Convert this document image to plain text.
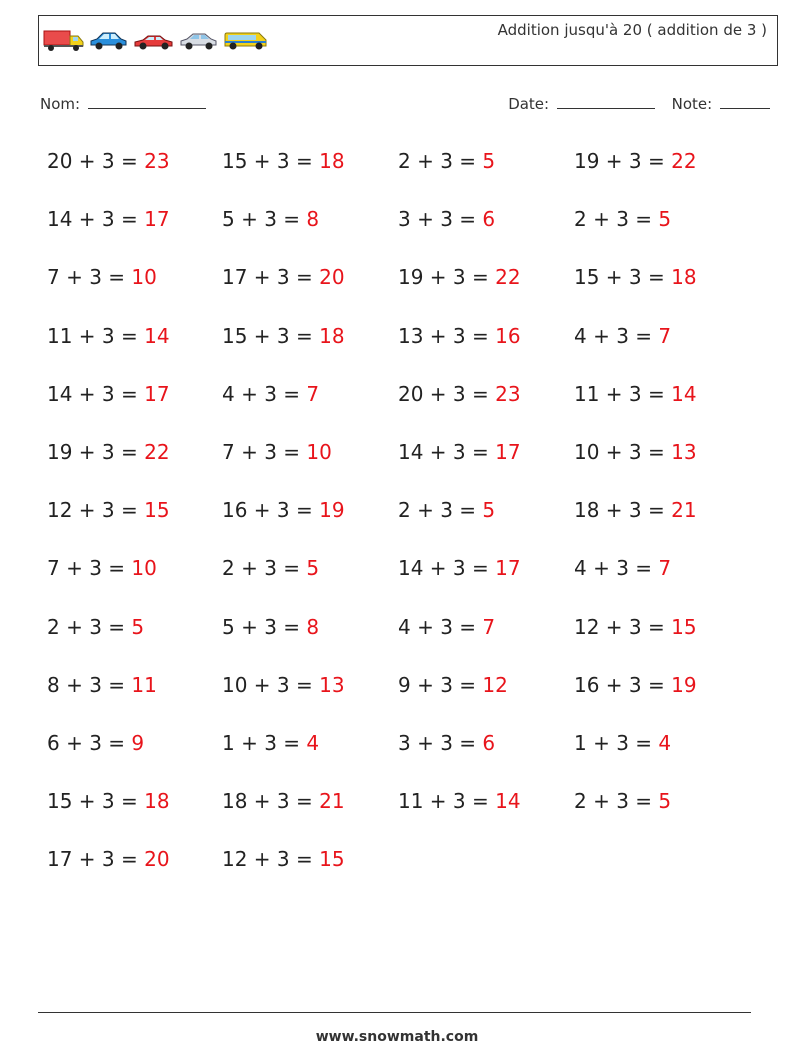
Addition jusqu'à 20 ( addition de 3 )
Nom:	Date:	Note:
20 + 3 = 23	15 + 3 = 18	2 + 3 = 5	19 + 3 = 22
14 + 3 = 17	5 + 3 = 8	3 + 3 = 6	2 + 3 = 5
7 + 3 = 10	17 + 3 = 20	19 + 3 = 22	15 + 3 = 18
11 + 3 = 14	15 + 3 = 18	13 + 3 = 16	4 + 3 = 7
14 + 3 = 17	4 + 3 = 7	20 + 3 = 23	11 + 3 = 14
19 + 3 = 22	7 + 3 = 10	14 + 3 = 17	10 + 3 = 13
12 + 3 = 15	16 + 3 = 19	2 + 3 = 5	18 + 3 = 21
7 + 3 = 10	2 + 3 = 5	14 + 3 = 17	4 + 3 = 7
2 + 3 = 5	5 + 3 = 8	4 + 3 = 7	12 + 3 = 15
8 + 3 = 11	10 + 3 = 13	9 + 3 = 12	16 + 3 = 19
6 + 3 = 9	1 + 3 = 4	3 + 3 = 6	1 + 3 = 4
15 + 3 = 18	18 + 3 = 21	11 + 3 = 14	2 + 3 = 5
17 + 3 = 20	12 + 3 = 15
www.snowmath.com
